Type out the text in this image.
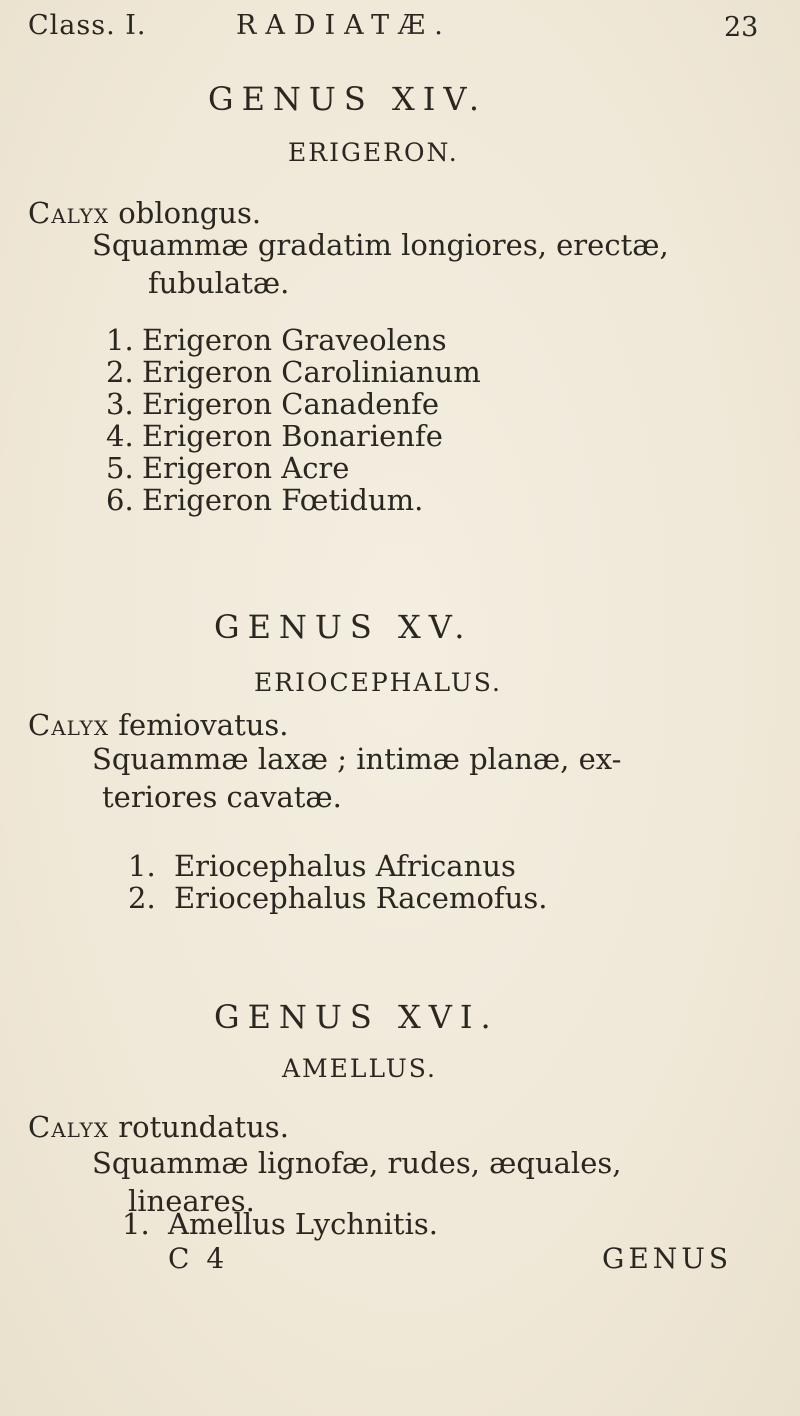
Class. I.	RADIATÆ.	23
GENUS XIV.
ERIGERON.
Calyx oblongus.
Squammæ gradatim longiores, erectæ,
fubulatæ.
1. Erigeron Graveolens
2. Erigeron Carolinianum
3. Erigeron Canadenfe
4. Erigeron Bonarienfe
5. Erigeron Acre
6. Erigeron Fœtidum.
GENUS XV.
ERIOCEPHALUS.
Calyx femiovatus.
Squammæ laxæ ; intimæ planæ, ex-
teriores cavatæ.
1. Eriocephalus Africanus
2. Eriocephalus Racemofus.
GENUS XVI.
AMELLUS.
Calyx rotundatus.
Squammæ lignofæ, rudes, æquales,
lineares.
1. Amellus Lychnitis.
C 4	GENUS
